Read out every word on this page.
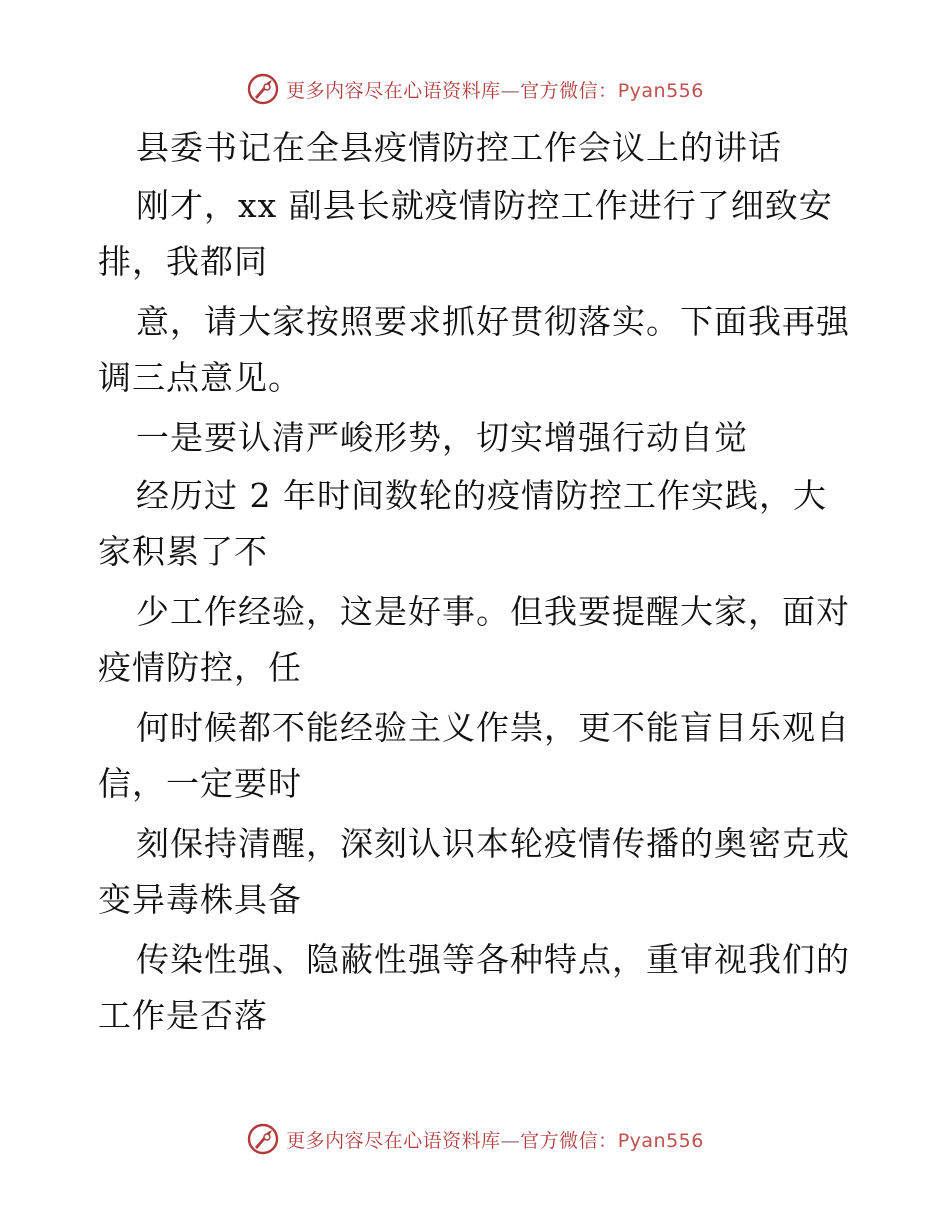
更多内容尽在心语资料库—官方微信：Pyan556
县委书记在全县疫情防控工作会议上的讲话
刚才，xx 副县长就疫情防控工作进行了细致安
排，我都同
意，请大家按照要求抓好贯彻落实。下面我再强
调三点意见。
一是要认清严峻形势，切实增强行动自觉
经历过 2 年时间数轮的疫情防控工作实践，大
家积累了不
少工作经验，这是好事。但我要提醒大家，面对
疫情防控，任
何时候都不能经验主义作祟，更不能盲目乐观自
信，一定要时
刻保持清醒，深刻认识本轮疫情传播的奥密克戎
变异毒株具备
传染性强、隐蔽性强等各种特点，重审视我们的
工作是否落
更多内容尽在心语资料库—官方微信：Pyan556
